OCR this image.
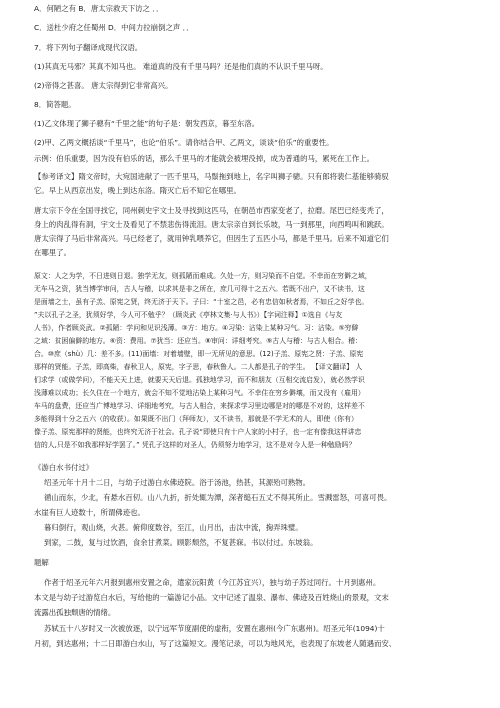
A．何陋之有 B．唐太宗救天下访之 ．．
C．送杜少府之任蜀州 D．中间力拉崩倒之声 ．．
7．将下列句子翻译成现代汉语。
(1)其真无马邪？其真不知马也。 难道真的没有千里马吗？还是他们真的不认识千里马呀。
(2)帝得之甚喜。 唐太宗得到它非常高兴。
8．简答题。
(1)乙文体现了狮子骢有“千里之能”的句子是：朝发西京，暮至东洛。
(2)甲、乙两文概括谈“千里马”，也论“伯乐”。请你结合甲、乙两文，谈谈“伯乐”的重要性。
示例：伯乐重要，因为没有伯乐的话，那么千里马的才能就会被埋没掉，成为普通的马，累死在工作上。
【参考译文】隋文帝时，大宛国进献了一匹千里马，马鬃拖到地上，名字叫狮子骢。只有郎将裴仁基能够骑驭
它。早上从西京出发，晚上到达东洛。隋灭亡后不知它在哪里。
唐太宗下令在全国寻找它，同州刺史宇文士及寻找到这匹马，在朝邑市西家变老了，拉磨。尾巴已经变秃了，
身上的肉乱得有洞，宇文士及看见了不禁悲伤得流泪。唐太宗亲自到长乐坡，马一到那里，向西鸣叫和跳跃。
唐太宗得了马后非常高兴。马已经老了，就用钟乳喂养它，但因生了五匹小马，都是千里马。后来不知道它们
在哪里了。
原文：人之为学，不日进则日退。独学无友，则孤陋而难成。久处一方，则习染而不自觉。不幸而在穷僻之域，
无车马之资，犹当博学审问，古人与稽，以求其是非之所在，庶几可得十之五六。若既不出户，又不读书，这
是面墙之士，虽有子羔、原宪之贤，终无济于天下。子曰：“十室之邑，必有忠信如秋者焉，不如丘之好学也。
”夫以孔子之圣，犹须好学，今人可不勉乎？（顾炎武《亭林文集·与人书》）【字词注释】①选自《与友
人书》，作者顾炎武。②孤陋：学问和见识浅薄。③方：地方。④习染：沾染上某种习气。习：沾染。⑤穷僻
之域：贫困偏僻的地方。⑥资：费用。⑦犹当：还应当。⑧审问：详细考究。⑨古人与稽：与古人相合。稽：
合。⑩庶（shù）几：差不多。(11)面墙：对着墙壁，即一无所见的意思。(12)子羔、原宪之贤：子羔、原宪
那样的贤能。子羔，即高柴，春秋卫人，原宪，字子思，春秋鲁人。二人都是孔子的学生。 【译文翻译】 人
们求学（或做学问），不能天天上进，就要天天后退。孤独地学习，而不和朋友（互相交流启发），就必然学识
浅薄难以成功；长久住在一个地方，就会不知不觉地沾染上某种习气。不幸住在穷乡僻壤，而又没有（雇用）
车马的盘费，还应当广博地学习、详细地考究，与古人相合，来探求学习里边哪是对的哪是不对的，这样差不
多能得到十分之五六（的收获）。如果既不出门（拜师友），又不读书，那就是不学无术的人，即使（你有）
像子羔、原宪那样的贤能，也终究无济于社会。孔子说“即使只有十户人家的小村子，也一定有像我这样讲忠
信的人,只是不如我那样好学罢了。” 凭孔子这样的对圣人，仍须努力地学习，这不是对今人是一种勉励吗？
《游白水书付过》
绍圣元年十月十二日，与幼子过游白水佛迹院。浴于汤池，热甚，其源殆可熟物。
循山而东，少北，有悬水百仞。山八九折，折处辄为潭，深者缒石五丈不得其所止。雪溅雷怒，可喜可畏。
水崖有巨人迹数十，所谓佛迹也。
暮归倒行，观山烧，火甚。俯仰度数谷，至江，山月出，击汰中流，掬弄珠璧。
到家，二鼓，复与过饮酒，食余甘煮菜。顾影颓然，不复甚寐。书以付过。东坡翁。
题解
作者于绍圣元年六月报到惠州安置之命，遣家沅阳黄（今江苏宜兴），独与幼子苏过同行。十月到惠州。
本文是与幼子过游览白水后，写给他的一篇游记小品。文中记述了温泉、瀑布、佛迹及百姓烧山的景观，文末
流露出孤独颓唐的情绪。
苏轼五十八岁时又一次被放逐，以宁远军节度副使的虚衔，安置在惠州(今广东惠州)。绍圣元年(1094)十
月初，到达惠州；十二日即游白水山，写了这篇短文。漫笔记录，可以为地风光，也表现了东坡老人随遇而安、
